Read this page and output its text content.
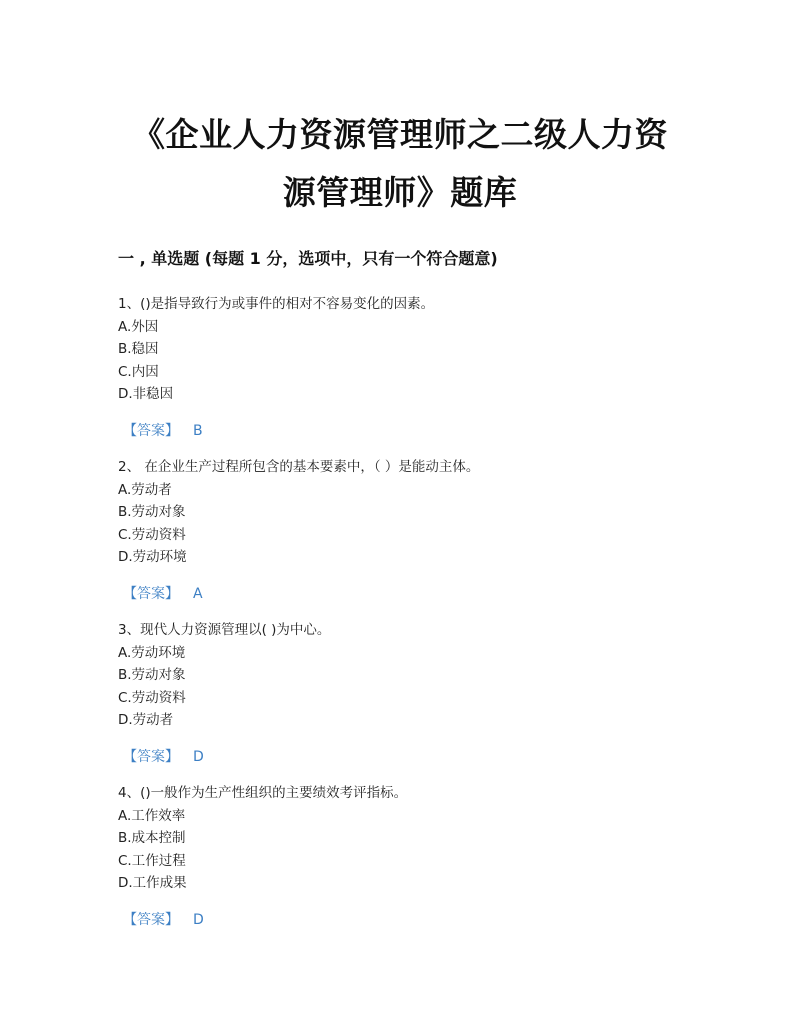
《企业人力资源管理师之二级人力资
源管理师》题库
一 , 单选题 (每题 1 分，选项中，只有一个符合题意)
1、()是指导致行为或事件的相对不容易变化的因素。
A.外因
B.稳因
C.内因
D.非稳因
【答案】 B
2、 在企业生产过程所包含的基本要素中，（ ）是能动主体。
A.劳动者
B.劳动对象
C.劳动资料
D.劳动环境
【答案】 A
3、现代人力资源管理以( )为中心。
A.劳动环境
B.劳动对象
C.劳动资料
D.劳动者
【答案】 D
4、()一般作为生产性组织的主要绩效考评指标。
A.工作效率
B.成本控制
C.工作过程
D.工作成果
【答案】 D
